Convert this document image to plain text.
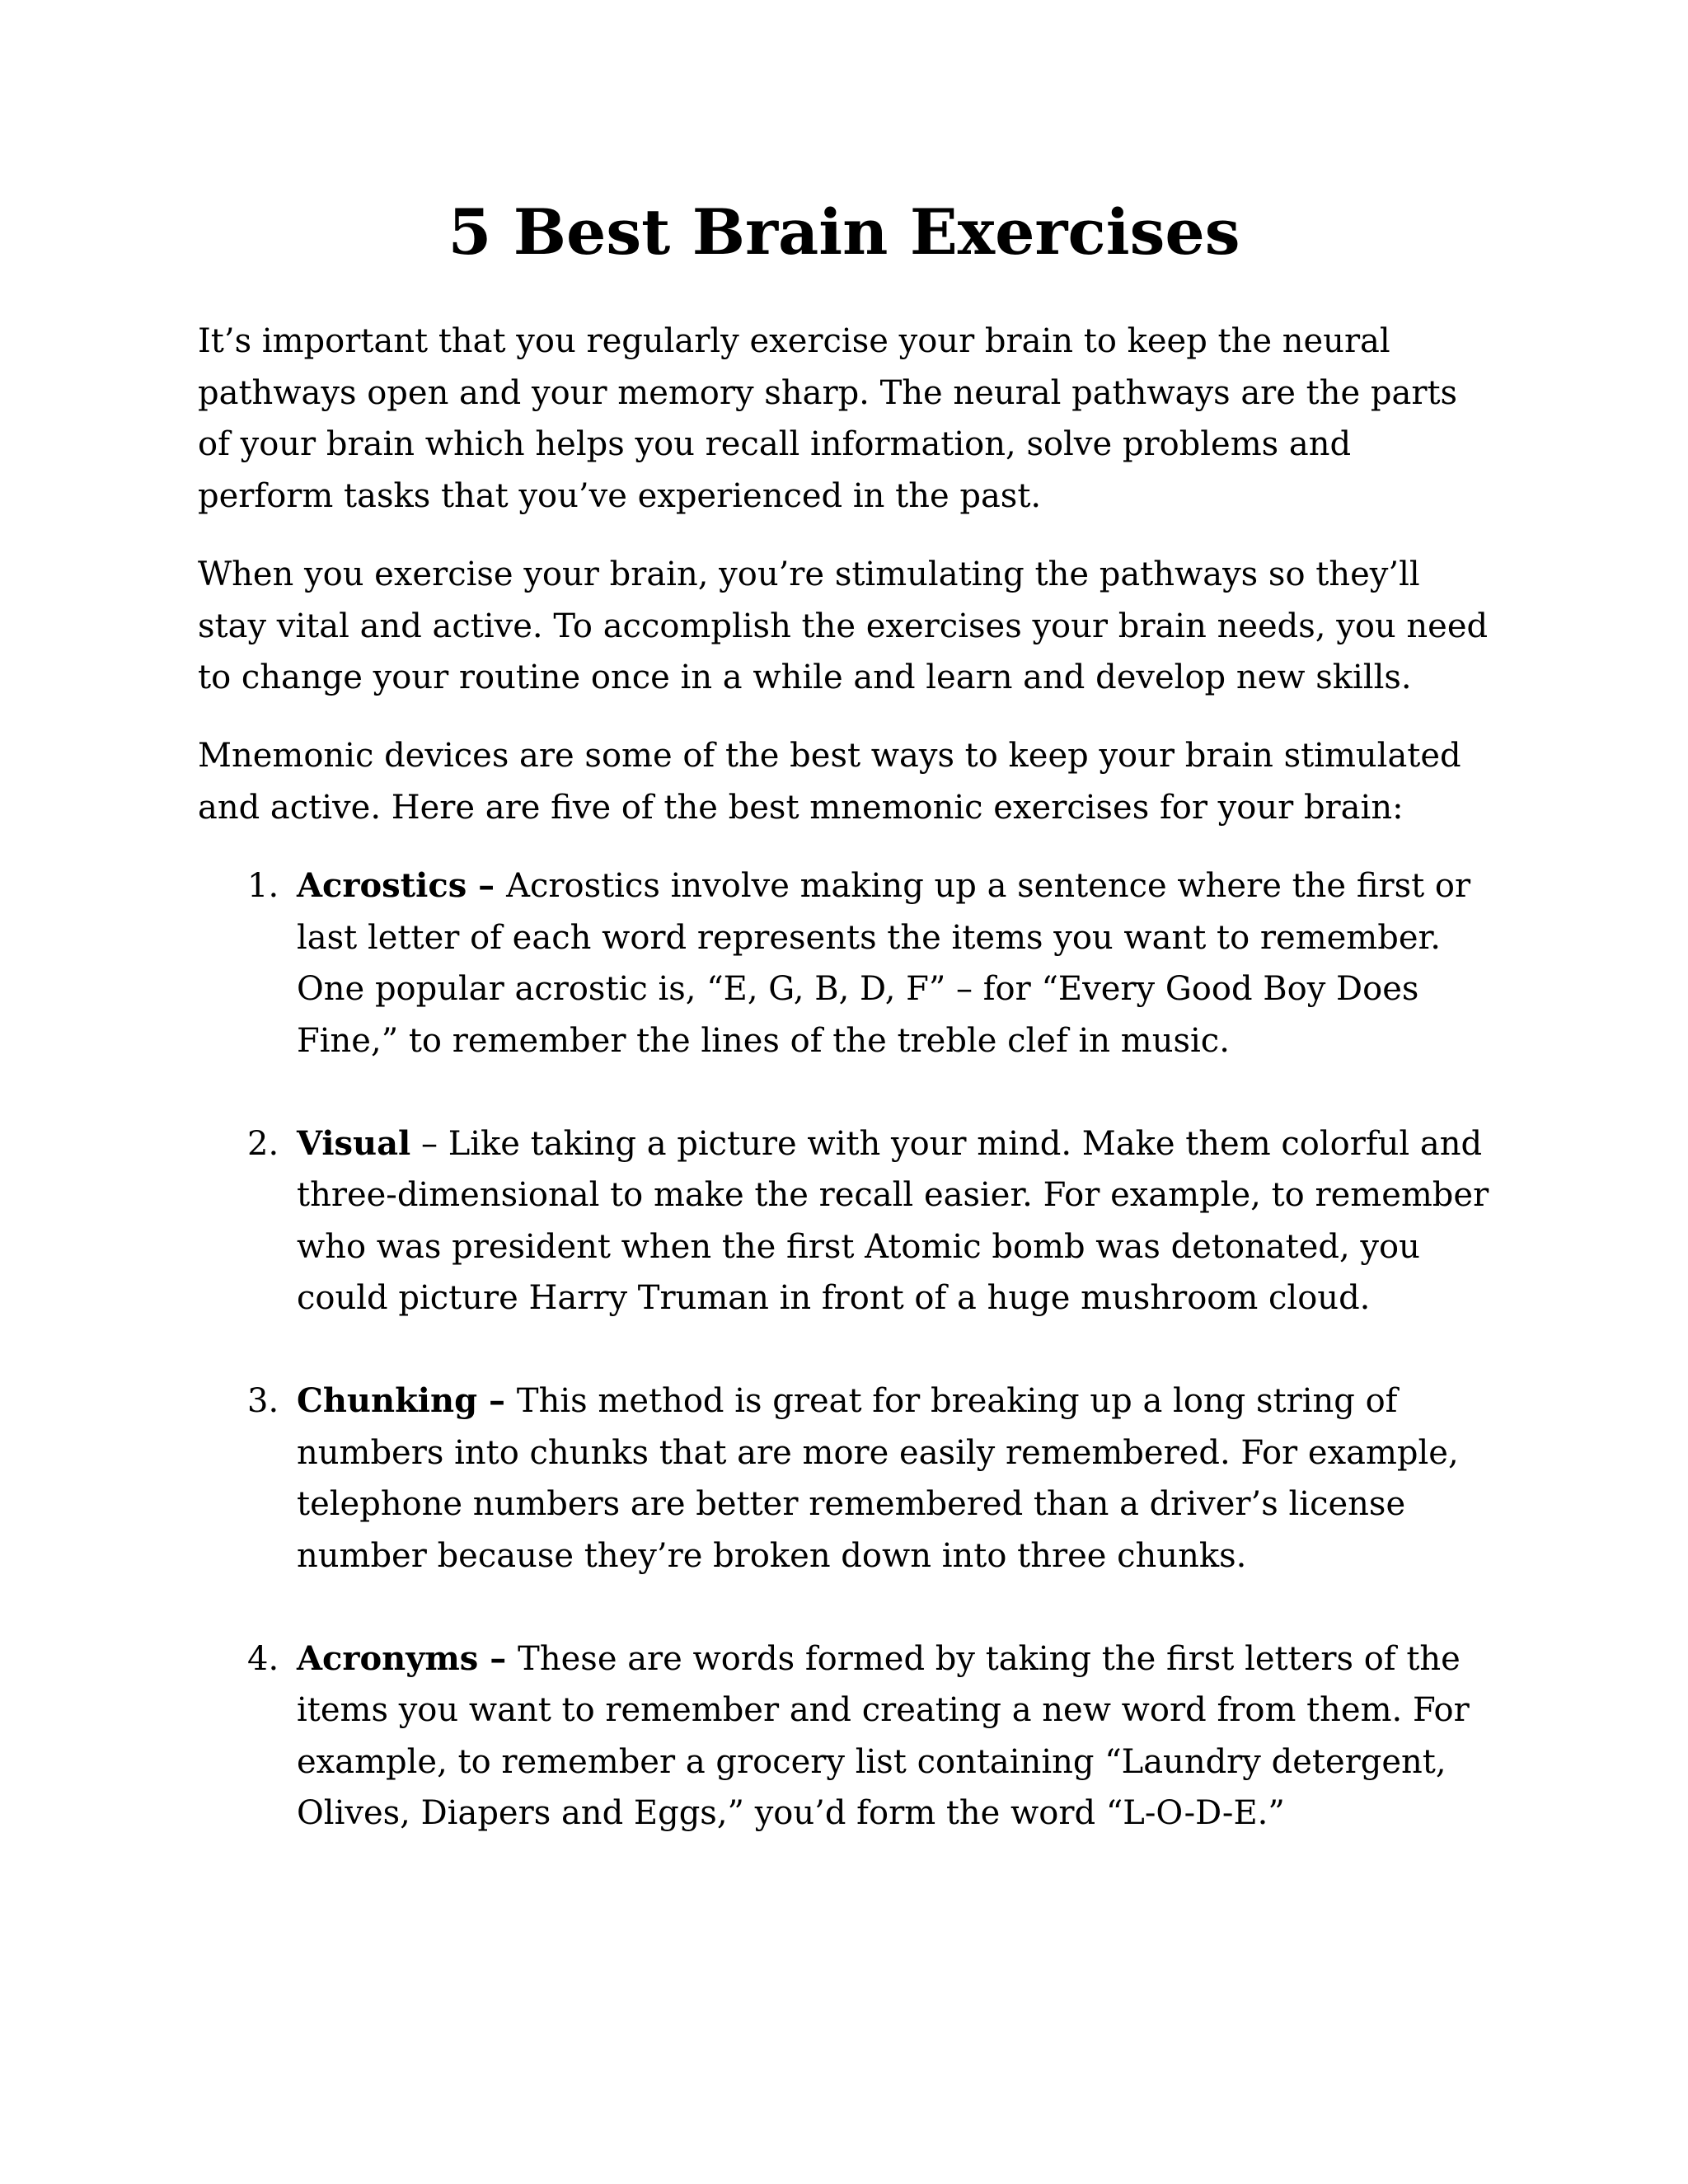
5 Best Brain Exercises

It’s important that you regularly exercise your brain to keep the neural pathways open and your memory sharp. The neural pathways are the parts of your brain which helps you recall information, solve problems and perform tasks that you’ve experienced in the past.

When you exercise your brain, you’re stimulating the pathways so they’ll stay vital and active. To accomplish the exercises your brain needs, you need to change your routine once in a while and learn and develop new skills.

Mnemonic devices are some of the best ways to keep your brain stimulated and active. Here are five of the best mnemonic exercises for your brain:

1. Acrostics – Acrostics involve making up a sentence where the first or last letter of each word represents the items you want to remember. One popular acrostic is, “E, G, B, D, F” – for “Every Good Boy Does Fine,” to remember the lines of the treble clef in music.
2. Visual – Like taking a picture with your mind. Make them colorful and three-dimensional to make the recall easier. For example, to remember who was president when the first Atomic bomb was detonated, you could picture Harry Truman in front of a huge mushroom cloud.
3. Chunking – This method is great for breaking up a long string of numbers into chunks that are more easily remembered. For example, telephone numbers are better remembered than a driver’s license number because they’re broken down into three chunks.
4. Acronyms – These are words formed by taking the first letters of the items you want to remember and creating a new word from them. For example, to remember a grocery list containing “Laundry detergent, Olives, Diapers and Eggs,” you’d form the word “L-O-D-E.”
